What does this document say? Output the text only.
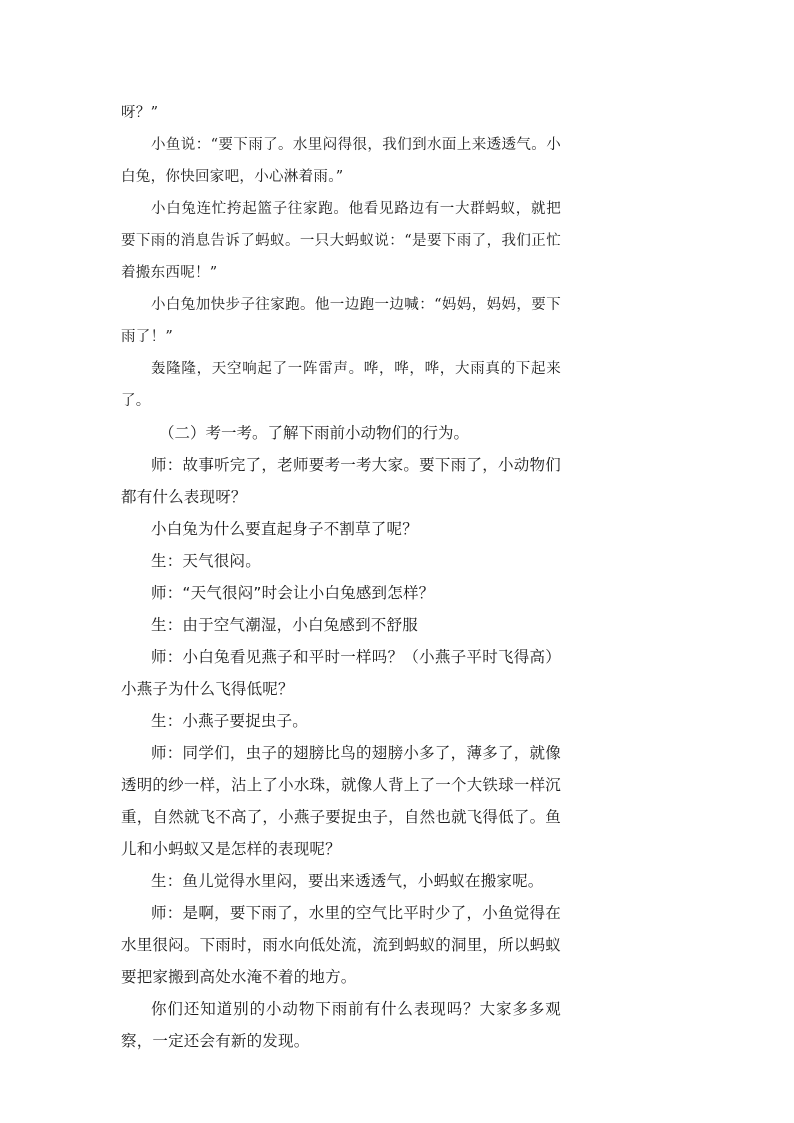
呀？”

小鱼说：“要下雨了。水里闷得很，我们到水面上来透透气。小白兔，你快回家吧，小心淋着雨。”

小白兔连忙挎起篮子往家跑。他看见路边有一大群蚂蚁，就把要下雨的消息告诉了蚂蚁。一只大蚂蚁说：“是要下雨了，我们正忙着搬东西呢！”

小白兔加快步子往家跑。他一边跑一边喊：“妈妈，妈妈，要下雨了！”

轰隆隆，天空响起了一阵雷声。哗，哗，哗，大雨真的下起来了。

（二）考一考。了解下雨前小动物们的行为。

师：故事听完了，老师要考一考大家。要下雨了，小动物们都有什么表现呀？

小白兔为什么要直起身子不割草了呢？

生：天气很闷。

师：“天气很闷”时会让小白兔感到怎样？

生：由于空气潮湿，小白兔感到不舒服

师：小白兔看见燕子和平时一样吗？（小燕子平时飞得高）小燕子为什么飞得低呢？

生：小燕子要捉虫子。

师：同学们，虫子的翅膀比鸟的翅膀小多了，薄多了，就像透明的纱一样，沾上了小水珠，就像人背上了一个大铁球一样沉重，自然就飞不高了，小燕子要捉虫子，自然也就飞得低了。鱼儿和小蚂蚁又是怎样的表现呢？

生：鱼儿觉得水里闷，要出来透透气，小蚂蚁在搬家呢。

师：是啊，要下雨了，水里的空气比平时少了，小鱼觉得在水里很闷。下雨时，雨水向低处流，流到蚂蚁的洞里，所以蚂蚁要把家搬到高处水淹不着的地方。

你们还知道别的小动物下雨前有什么表现吗？大家多多观察，一定还会有新的发现。
